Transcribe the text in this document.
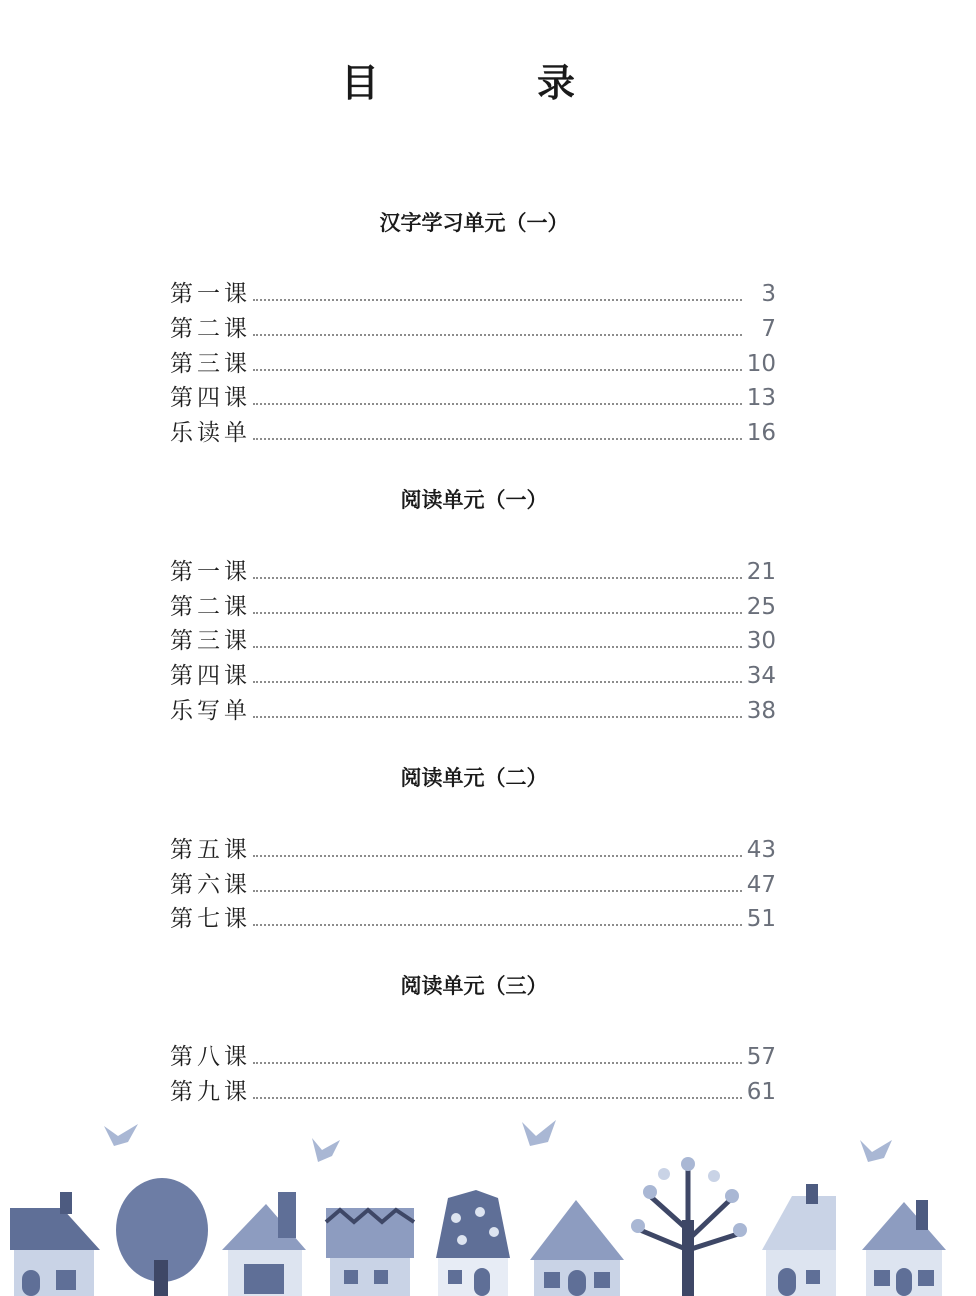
目　录
汉字学习单元（一）
第一课	3
第二课	7
第三课	10
第四课	13
乐读单	16
阅读单元（一）
第一课	21
第二课	25
第三课	30
第四课	34
乐写单	38
阅读单元（二）
第五课	43
第六课	47
第七课	51
阅读单元（三）
第八课	57
第九课	61
